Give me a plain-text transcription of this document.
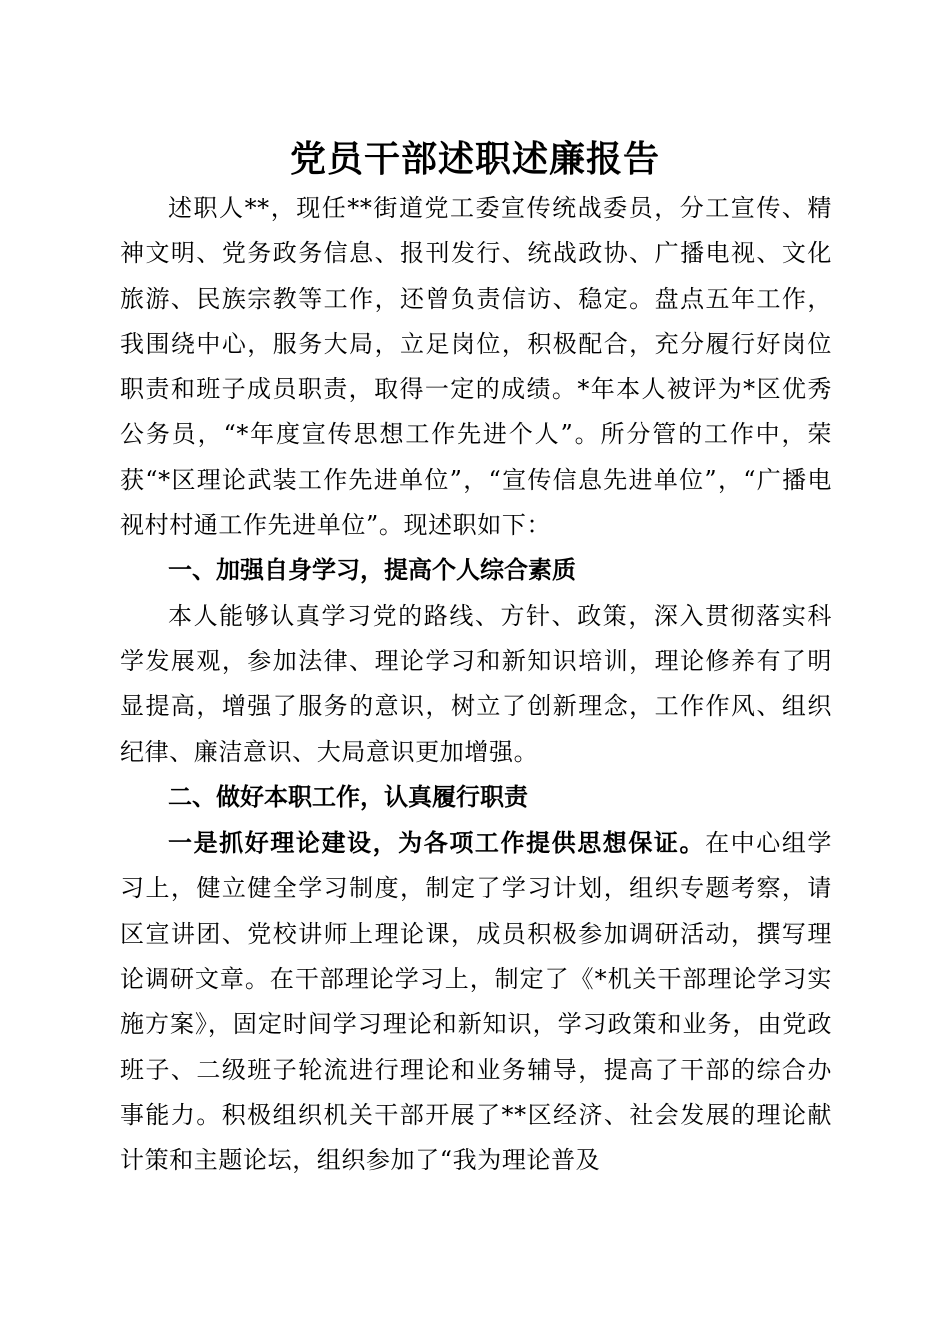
党员干部述职述廉报告

述职人**，现任**街道党工委宣传统战委员，分工宣传、精神文明、党务政务信息、报刊发行、统战政协、广播电视、文化旅游、民族宗教等工作，还曾负责信访、稳定。盘点五年工作，我围绕中心，服务大局，立足岗位，积极配合，充分履行好岗位职责和班子成员职责，取得一定的成绩。*年本人被评为*区优秀公务员，“*年度宣传思想工作先进个人”。所分管的工作中，荣获“*区理论武装工作先进单位”，“宣传信息先进单位”，“广播电视村村通工作先进单位”。现述职如下：

一、加强自身学习，提高个人综合素质

本人能够认真学习党的路线、方针、政策，深入贯彻落实科学发展观，参加法律、理论学习和新知识培训，理论修养有了明显提高，增强了服务的意识，树立了创新理念，工作作风、组织纪律、廉洁意识、大局意识更加增强。

二、做好本职工作，认真履行职责

一是抓好理论建设，为各项工作提供思想保证。在中心组学习上，健立健全学习制度，制定了学习计划，组织专题考察，请区宣讲团、党校讲师上理论课，成员积极参加调研活动，撰写理论调研文章。在干部理论学习上，制定了《*机关干部理论学习实施方案》，固定时间学习理论和新知识，学习政策和业务，由党政班子、二级班子轮流进行理论和业务辅导，提高了干部的综合办事能力。积极组织机关干部开展了**区经济、社会发展的理论献计策和主题论坛，组织参加了“我为理论普及
